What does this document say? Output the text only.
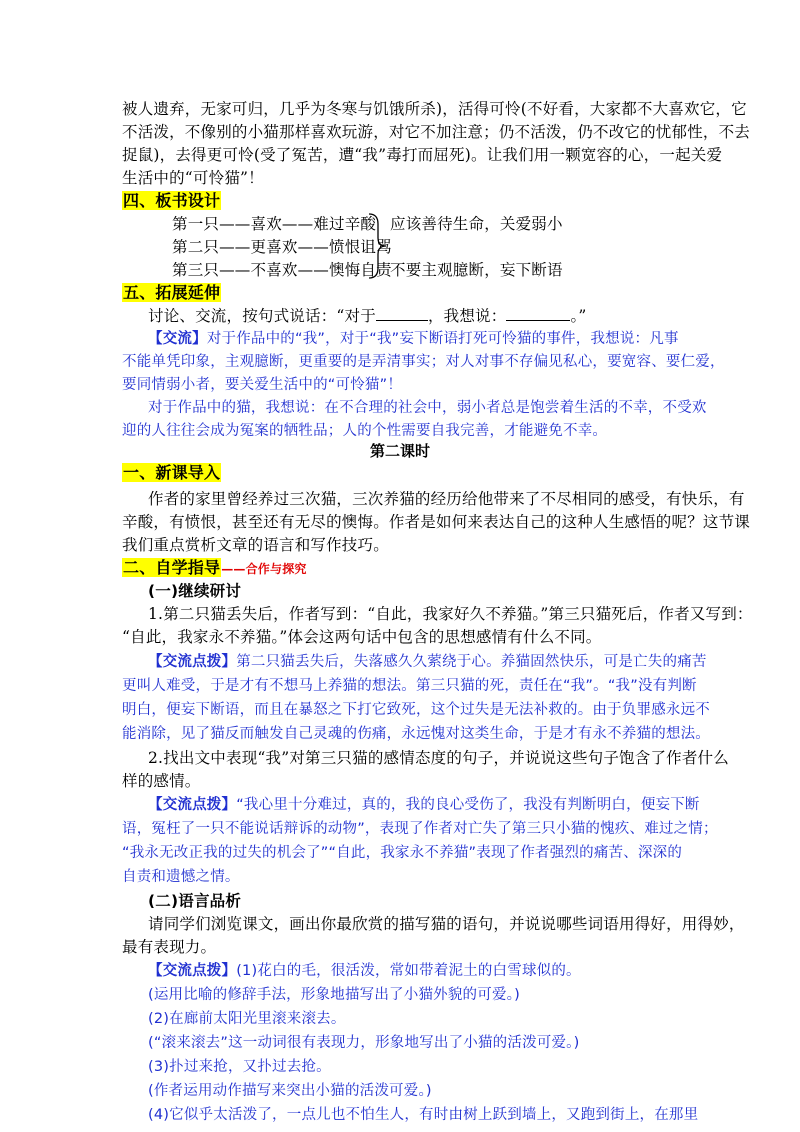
被人遗弃，无家可归，几乎为冬寒与饥饿所杀)，活得可怜(不好看，大家都不大喜欢它，它
不活泼，不像别的小猫那样喜欢玩游，对它不加注意；仍不活泼，仍不改它的忧郁性，不去
捉鼠)，去得更可怜(受了冤苦，遭“我”毒打而屈死)。让我们用一颗宽容的心，一起关爱
生活中的“可怜猫”！
四、板书设计
第一只——喜欢——难过辛酸
第二只——更喜欢——愤恨诅骂
第三只——不喜欢——懊悔自责
应该善待生命，关爱弱小
不要主观臆断，妄下断语
五、拓展延伸
讨论、交流，按句式说话：“对于	，我想说：	。”
【交流】对于作品中的“我”，对于“我”妄下断语打死可怜猫的事件，我想说：凡事
不能单凭印象，主观臆断，更重要的是弄清事实；对人对事不存偏见私心，要宽容、要仁爱，
要同情弱小者，要关爱生活中的“可怜猫”！
对于作品中的猫，我想说：在不合理的社会中，弱小者总是饱尝着生活的不幸，不受欢
迎的人往往会成为冤案的牺牲品；人的个性需要自我完善，才能避免不幸。
第二课时
一、新课导入
作者的家里曾经养过三次猫，三次养猫的经历给他带来了不尽相同的感受，有快乐，有
辛酸，有愤恨，甚至还有无尽的懊悔。作者是如何来表达自己的这种人生感悟的呢？这节课
我们重点赏析文章的语言和写作技巧。
二、自学指导——合作与探究
(一)继续研讨
1.第二只猫丢失后，作者写到：“自此，我家好久不养猫。”第三只猫死后，作者又写到：
“自此，我家永不养猫。”体会这两句话中包含的思想感情有什么不同。
【交流点拨】第二只猫丢失后，失落感久久萦绕于心。养猫固然快乐，可是亡失的痛苦
更叫人难受，于是才有不想马上养猫的想法。第三只猫的死，责任在“我”。“我”没有判断
明白，便妄下断语，而且在暴怒之下打它致死，这个过失是无法补救的。由于负罪感永远不
能消除，见了猫反而触发自己灵魂的伤痛，永远愧对这类生命，于是才有永不养猫的想法。
2.找出文中表现“我”对第三只猫的感情态度的句子，并说说这些句子饱含了作者什么
样的感情。
【交流点拨】“我心里十分难过，真的，我的良心受伤了，我没有判断明白，便妄下断
语，冤枉了一只不能说话辩诉的动物”，表现了作者对亡失了第三只小猫的愧疚、难过之情；
“我永无改正我的过失的机会了”“自此，我家永不养猫”表现了作者强烈的痛苦、深深的
自责和遗憾之情。
(二)语言品析
请同学们浏览课文，画出你最欣赏的描写猫的语句，并说说哪些词语用得好，用得妙，
最有表现力。
【交流点拨】(1)花白的毛，很活泼，常如带着泥土的白雪球似的。
(运用比喻的修辞手法，形象地描写出了小猫外貌的可爱。)
(2)在廊前太阳光里滚来滚去。
(“滚来滚去”这一动词很有表现力，形象地写出了小猫的活泼可爱。)
(3)扑过来抢，又扑过去抢。
(作者运用动作描写来突出小猫的活泼可爱。)
(4)它似乎太活泼了，一点儿也不怕生人，有时由树上跃到墙上，又跑到街上，在那里
